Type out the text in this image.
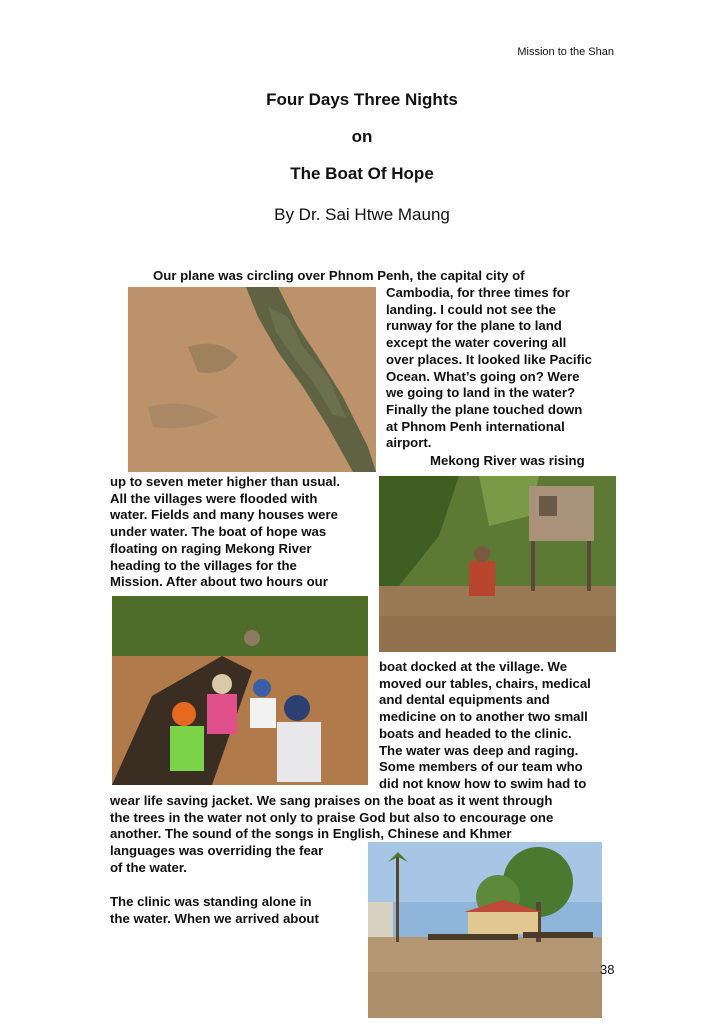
Mission to the Shan
Four Days Three Nights
on
The Boat Of Hope
By Dr. Sai Htwe Maung
Our plane was circling over Phnom Penh, the capital city of
Cambodia, for three times for
landing. I could not see the
runway for the plane to land
except the water covering all
over places. It looked like Pacific
Ocean. What’s going on? Were
we going to land in the water?
Finally the plane touched down
at Phnom Penh international
airport.
Mekong River was rising
up to seven meter higher than usual.
All the villages were flooded with
water. Fields and many houses were
under water. The boat of hope was
floating on raging Mekong River
heading to the villages for the
Mission. After about two hours our
boat docked at the village. We
moved our tables, chairs, medical
and dental equipments and
medicine on to another two small
boats and headed to the clinic.
The water was deep and raging.
Some members of our team who
did not know how to swim had to
wear life saving jacket. We sang praises on the boat as it went through
the trees in the water not only to praise God but also to encourage one
another. The sound of the songs in English, Chinese and Khmer
languages was overriding the fear
of the water.
The clinic was standing alone in
the water. When we arrived about
38
